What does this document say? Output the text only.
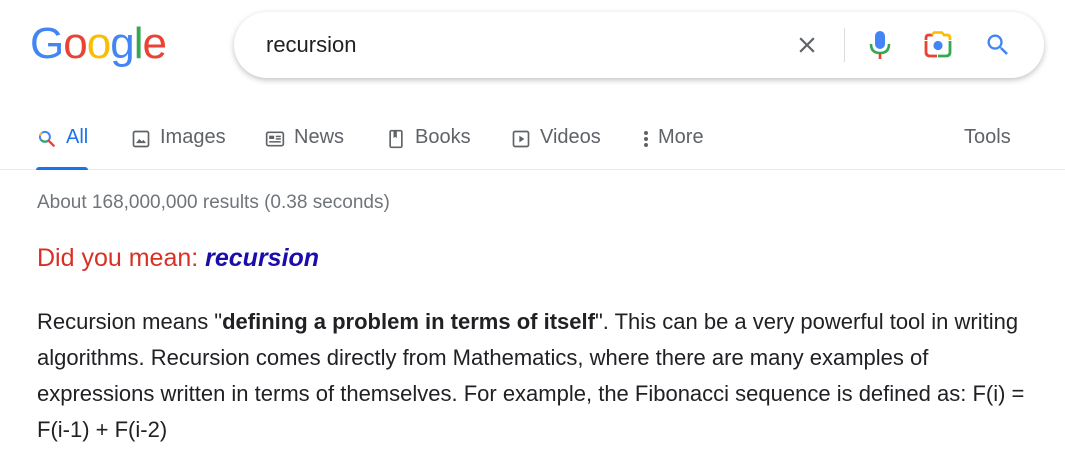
Google	recursion
All	Images	News	Books	Videos	More	Tools
About 168,000,000 results (0.38 seconds)
Did you mean: recursion
Recursion means "defining a problem in terms of itself". This can be a very powerful tool in writing algorithms. Recursion comes directly from Mathematics, where there are many examples of expressions written in terms of themselves. For example, the Fibonacci sequence is defined as: F(i) = F(i-1) + F(i-2)
